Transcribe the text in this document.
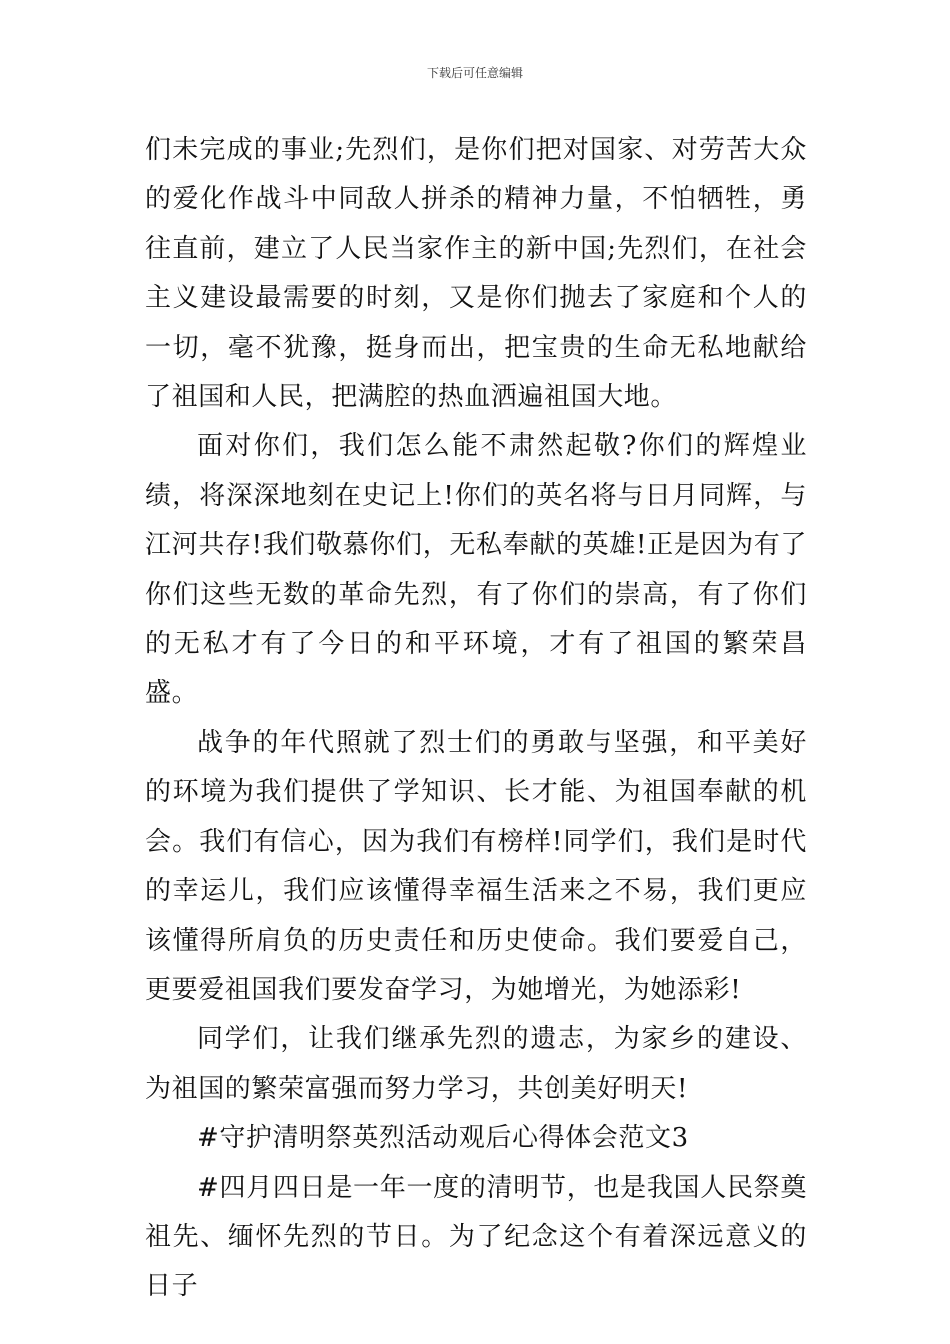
下载后可任意编辑

们未完成的事业;先烈们，是你们把对国家、对劳苦大众的爱化作战斗中同敌人拼杀的精神力量，不怕牺牲，勇往直前，建立了人民当家作主的新中国;先烈们，在社会主义建设最需要的时刻，又是你们抛去了家庭和个人的一切，毫不犹豫，挺身而出，把宝贵的生命无私地献给了祖国和人民，把满腔的热血洒遍祖国大地。

面对你们，我们怎么能不肃然起敬?你们的辉煌业绩，将深深地刻在史记上!你们的英名将与日月同辉，与江河共存!我们敬慕你们，无私奉献的英雄!正是因为有了你们这些无数的革命先烈，有了你们的崇高，有了你们的无私才有了今日的和平环境，才有了祖国的繁荣昌盛。

战争的年代照就了烈士们的勇敢与坚强，和平美好的环境为我们提供了学知识、长才能、为祖国奉献的机会。我们有信心，因为我们有榜样!同学们，我们是时代的幸运儿，我们应该懂得幸福生活来之不易，我们更应该懂得所肩负的历史责任和历史使命。我们要爱自己，更要爱祖国我们要发奋学习，为她增光，为她添彩!

同学们，让我们继承先烈的遗志，为家乡的建设、为祖国的繁荣富强而努力学习，共创美好明天!

#守护清明祭英烈活动观后心得体会范文3

#四月四日是一年一度的清明节，也是我国人民祭奠祖先、缅怀先烈的节日。为了纪念这个有着深远意义的日子
